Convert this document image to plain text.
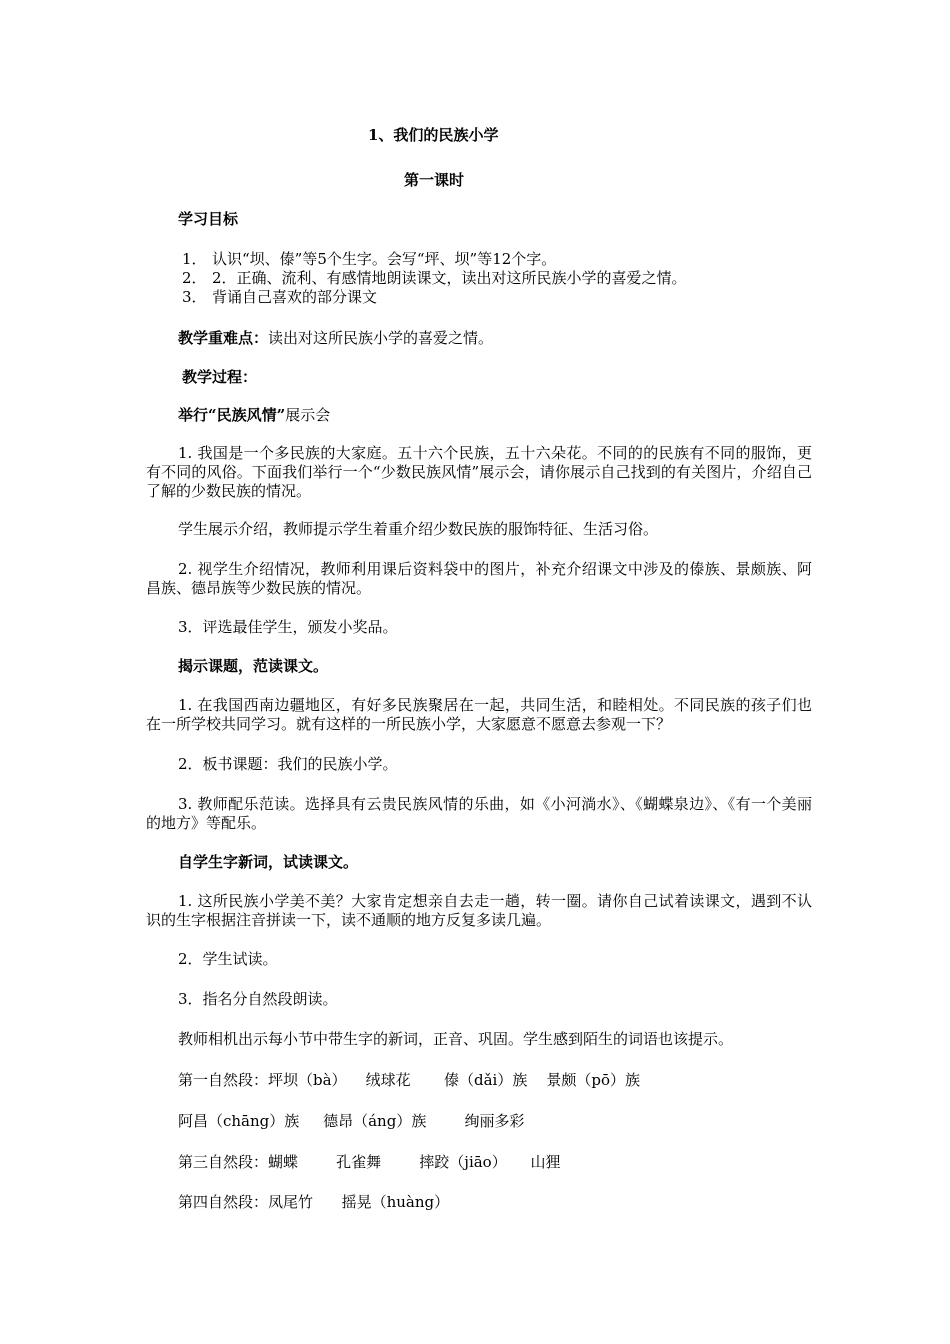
1、我们的民族小学
第一课时
学习目标
1． 认识“坝、傣”等5个生字。会写“坪、坝”等12个字。
2． 2．正确、流利、有感情地朗读课文，读出对这所民族小学的喜爱之情。
3． 背诵自己喜欢的部分课文
教学重难点：读出对这所民族小学的喜爱之情。
教学过程：
举行“民族风情”展示会
1. 我国是一个多民族的大家庭。五十六个民族，五十六朵花。不同的的民族有不同的服饰，更有不同的风俗。下面我们举行一个“少数民族风情”展示会，请你展示自己找到的有关图片，介绍自己了解的少数民族的情况。
学生展示介绍，教师提示学生着重介绍少数民族的服饰特征、生活习俗。
2. 视学生介绍情况，教师利用课后资料袋中的图片，补充介绍课文中涉及的傣族、景颇族、阿昌族、德昂族等少数民族的情况。
3．评选最佳学生，颁发小奖品。
揭示课题，范读课文。
1. 在我国西南边疆地区，有好多民族聚居在一起，共同生活，和睦相处。不同民族的孩子们也在一所学校共同学习。就有这样的一所民族小学，大家愿意不愿意去参观一下？
2．板书课题：我们的民族小学。
3. 教师配乐范读。选择具有云贵民族风情的乐曲，如《小河淌水》、《蝴蝶泉边》、《有一个美丽的地方》等配乐。
自学生字新词，试读课文。
1. 这所民族小学美不美？大家肯定想亲自去走一趟，转一圈。请你自己试着读课文，遇到不认识的生字根据注音拼读一下，读不通顺的地方反复多读几遍。
2．学生试读。
3．指名分自然段朗读。
教师相机出示每小节中带生字的新词，正音、巩固。学生感到陌生的词语也该提示。
第一自然段：坪坝（bà）    绒球花       傣（dǎi）族    景颇（pō）族
阿昌（chāng）族     德昂（áng）族        绚丽多彩
第三自然段：蝴蝶        孔雀舞        摔跤（jiāo）     山狸
第四自然段：凤尾竹      摇晃（huàng）
